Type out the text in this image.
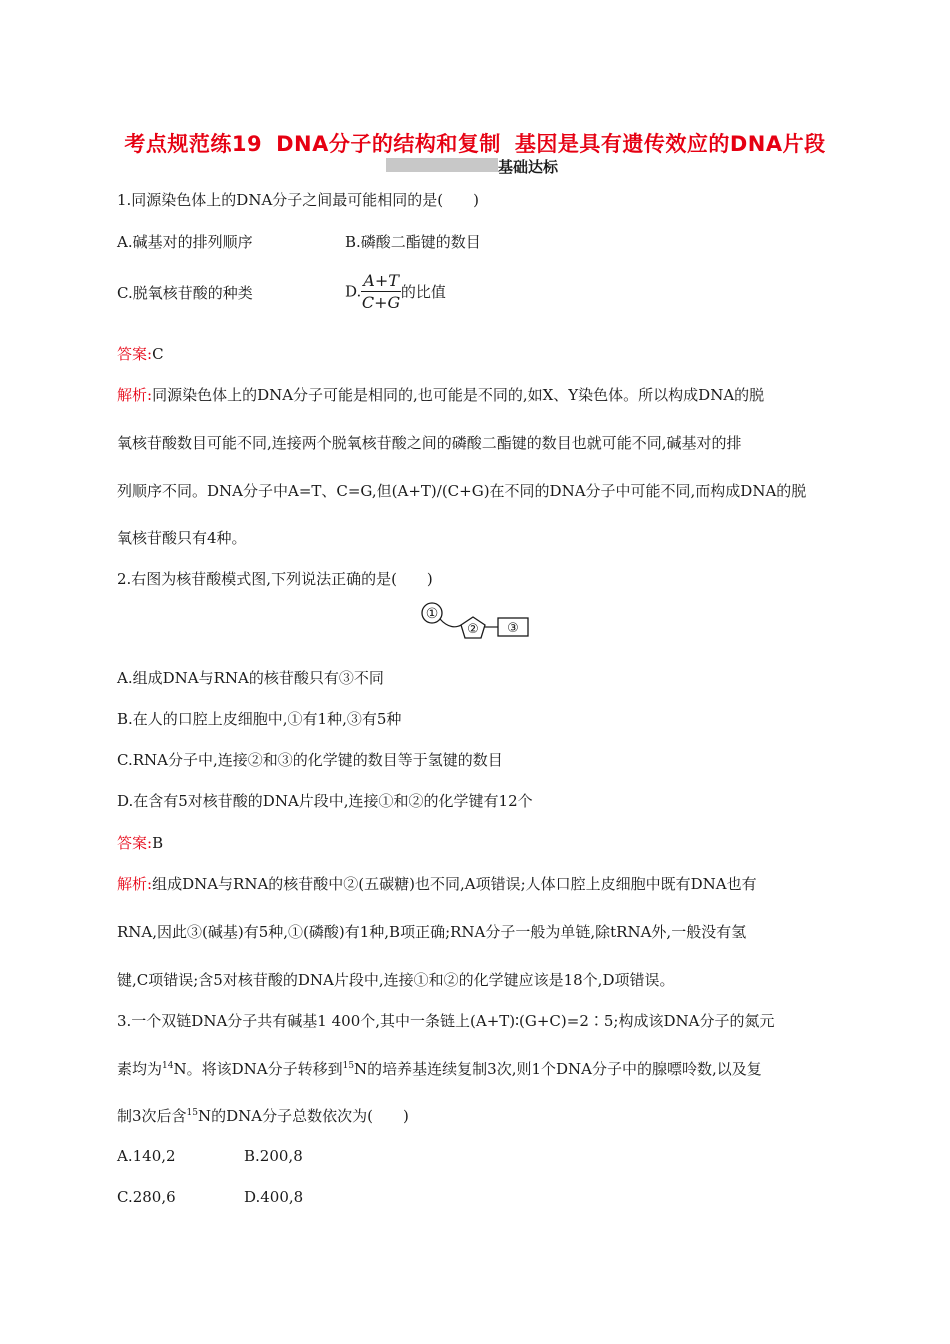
考点规范练19 DNA分子的结构和复制 基因是具有遗传效应的DNA片段
基础达标
1.同源染色体上的DNA分子之间最可能相同的是(　　)
A.碱基对的排列顺序	B.磷酸二酯键的数目
C.脱氧核苷酸的种类	D. $\frac{A+T}{C+G}$ 的比值
答案:C
解析:同源染色体上的DNA分子可能是相同的,也可能是不同的,如X、Y染色体。所以构成DNA的脱
氧核苷酸数目可能不同,连接两个脱氧核苷酸之间的磷酸二酯键的数目也就可能不同,碱基对的排
列顺序不同。DNA分子中A=T、C=G,但(A+T)/(C+G)在不同的DNA分子中可能不同,而构成DNA的脱
氧核苷酸只有4种。
2.右图为核苷酸模式图,下列说法正确的是(　　)
①
② ③
A.组成DNA与RNA的核苷酸只有③不同
B.在人的口腔上皮细胞中,①有1种,③有5种
C.RNA分子中,连接②和③的化学键的数目等于氢键的数目
D.在含有5对核苷酸的DNA片段中,连接①和②的化学键有12个
答案:B
解析:组成DNA与RNA的核苷酸中②(五碳糖)也不同,A项错误;人体口腔上皮细胞中既有DNA也有
RNA,因此③(碱基)有5种,①(磷酸)有1种,B项正确;RNA分子一般为单链,除tRNA外,一般没有氢
键,C项错误;含5对核苷酸的DNA片段中,连接①和②的化学键应该是18个,D项错误。
3.一个双链DNA分子共有碱基1 400个,其中一条链上(A+T)∶(G+C)=2∶5;构成该DNA分子的氮元
素均为$^{14}$N。将该DNA分子转移到$^{15}$N的培养基连续复制3次,则1个DNA分子中的腺嘌呤数,以及复
制3次后含$^{15}$N的DNA分子总数依次为(　　)
A.140,2	B.200,8
C.280,6	D.400,8
